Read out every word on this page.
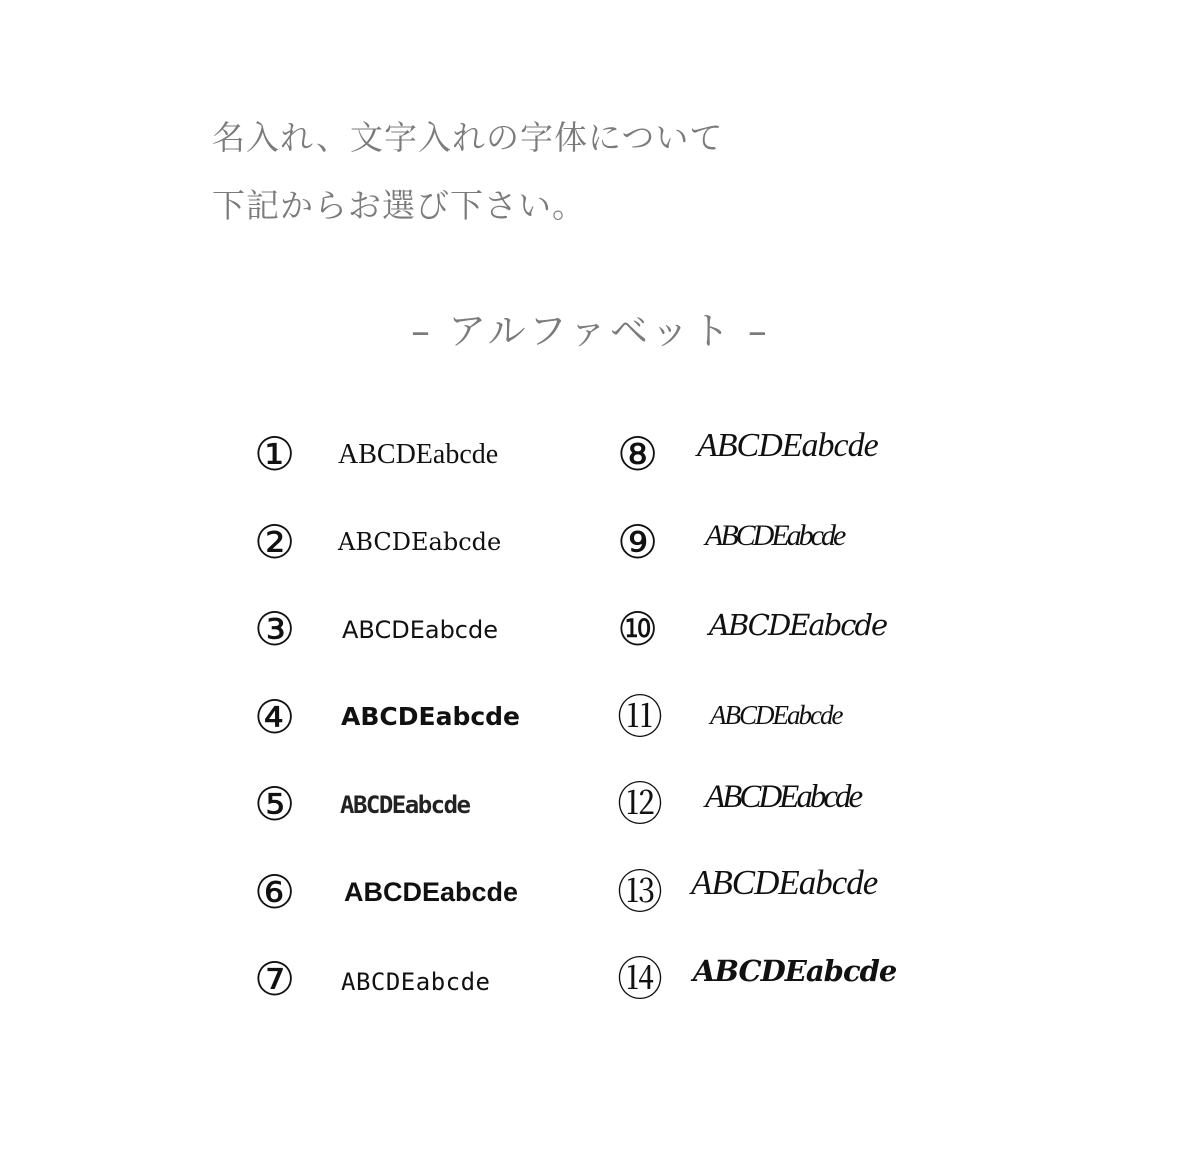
名入れ、文字入れの字体について
下記からお選び下さい。
– アルファベット –
① ABCDEabcde
② ABCDEabcde
③ ABCDEabcde
④ ABCDEabcde
⑤ ABCDEabcde
⑥ ABCDEabcde
⑦ ABCDEabcde
⑧ ABCDEabcde
⑨ ABCDEabcde
⑩ ABCDEabcde
⑪ ABCDEabcde
⑫ ABCDEabcde
⑬ ABCDEabcde
⑭ ABCDEabcde
